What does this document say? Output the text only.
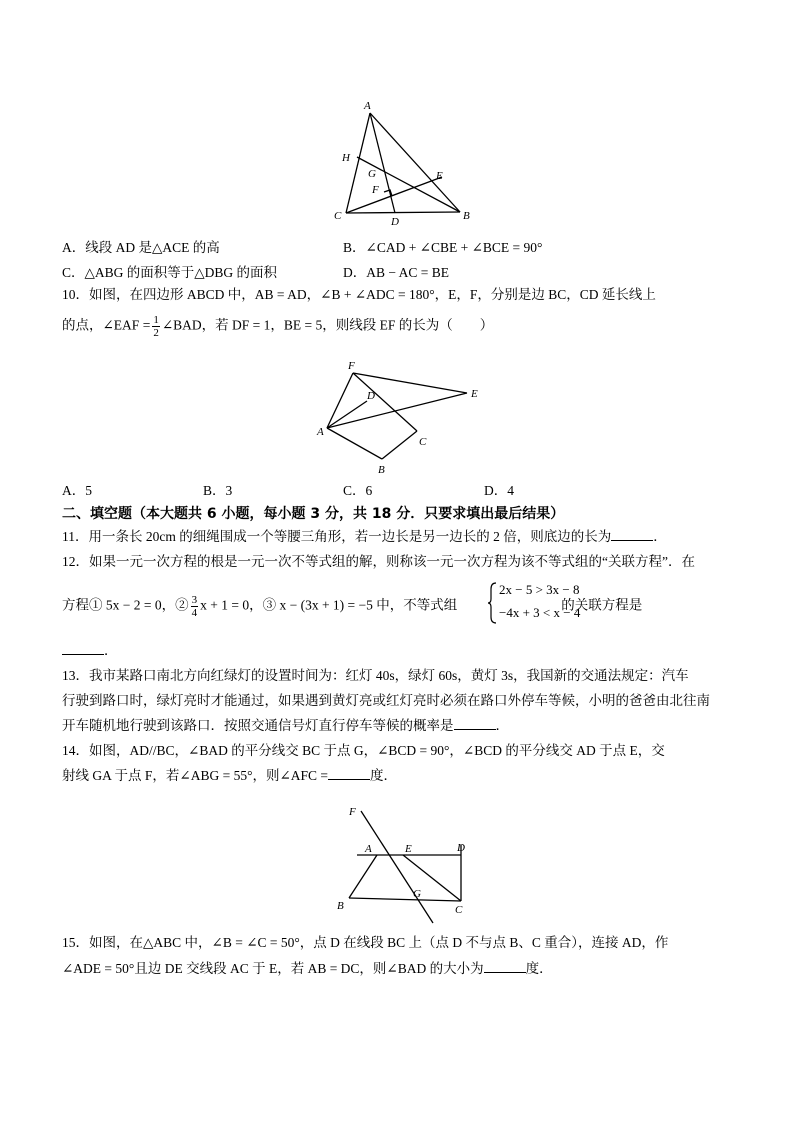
A
H
G
F
E
C	D	B
A．线段 AD 是△ACE 的高	B．∠CAD + ∠CBE + ∠BCE = 90°
C．△ABG 的面积等于△DBG 的面积	D．AB − AC = BE
10．如图，在四边形 ABCD 中，AB = AD，∠B + ∠ADC = 180°，E，F，分别是边 BC，CD 延长线上
的点，∠EAF = $\frac{1}{2}$ ∠BAD，若 DF = 1，BE = 5，则线段 EF 的长为（　　）
F
D	E
A
C
B
A．5	B．3	C．6	D．4
二、填空题（本大题共 6 小题，每小题 3 分，共 18 分．只要求填出最后结果）
11．用一条长 20cm 的细绳围成一个等腰三角形，若一边长是另一边长的 2 倍，则底边的长为	．
12．如果一元一次方程的根是一元一次不等式组的解，则称该一元一次方程为该不等式组的“关联方程”．在
方程① 5x − 2 = 0，② $\frac{3}{4}$ x + 1 = 0，③ x − (3x + 1) = −5 中，不等式组	的关联方程是
2x − 5 > 3x − 8
−4x + 3 < x − 4
．
13．我市某路口南北方向红绿灯的设置时间为：红灯 40s，绿灯 60s，黄灯 3s，我国新的交通法规定：汽车
行驶到路口时，绿灯亮时才能通过，如果遇到黄灯亮或红灯亮时必须在路口外停车等候，小明的爸爸由北往南
开车随机地行驶到该路口．按照交通信号灯直行停车等候的概率是	．
14．如图，AD//BC，∠BAD 的平分线交 BC 于点 G，∠BCD = 90°，∠BCD 的平分线交 AD 于点 E，交
射线 GA 于点 F，若∠ABG = 55°，则∠AFC =	度．
F
A	E	D
B
G
C
15．如图，在△ABC 中，∠B = ∠C = 50°，点 D 在线段 BC 上（点 D 不与点 B、C 重合），连接 AD，作
∠ADE = 50°且边 DE 交线段 AC 于 E，若 AB = DC，则∠BAD 的大小为	度．
